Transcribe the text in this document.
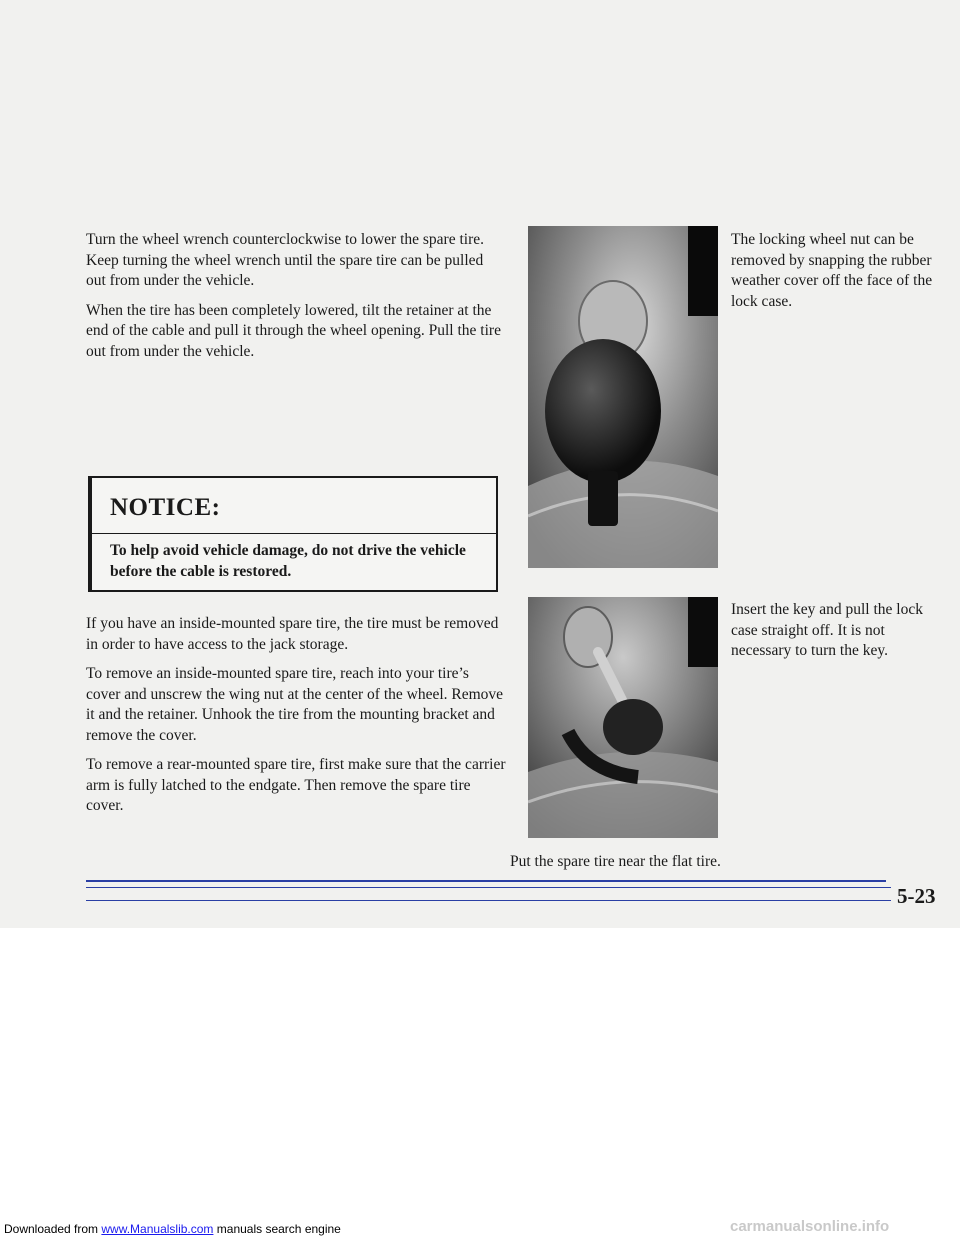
Turn the wheel wrench counterclockwise to lower the spare tire. Keep turning the wheel wrench until the spare tire can be pulled out from under the vehicle.

When the tire has been completely lowered, tilt the retainer at the end of the cable and pull it through the wheel opening. Pull the tire out from under the vehicle.

NOTICE:
To help avoid vehicle damage, do not drive the vehicle before the cable is restored.

If you have an inside-mounted spare tire, the tire must be removed in order to have access to the jack storage.

To remove an inside-mounted spare tire, reach into your tire’s cover and unscrew the wing nut at the center of the wheel. Remove it and the retainer. Unhook the tire from the mounting bracket and remove the cover.

To remove a rear-mounted spare tire, first make sure that the carrier arm is fully latched to the endgate. Then remove the spare tire cover.

The locking wheel nut can be removed by snapping the rubber weather cover off the face of the lock case.
Insert the key and pull the lock case straight off. It is not necessary to turn the key.
Put the spare tire near the flat tire.
5-23
Downloaded from www.Manualslib.com manuals search engine	carmanualsonline.info
